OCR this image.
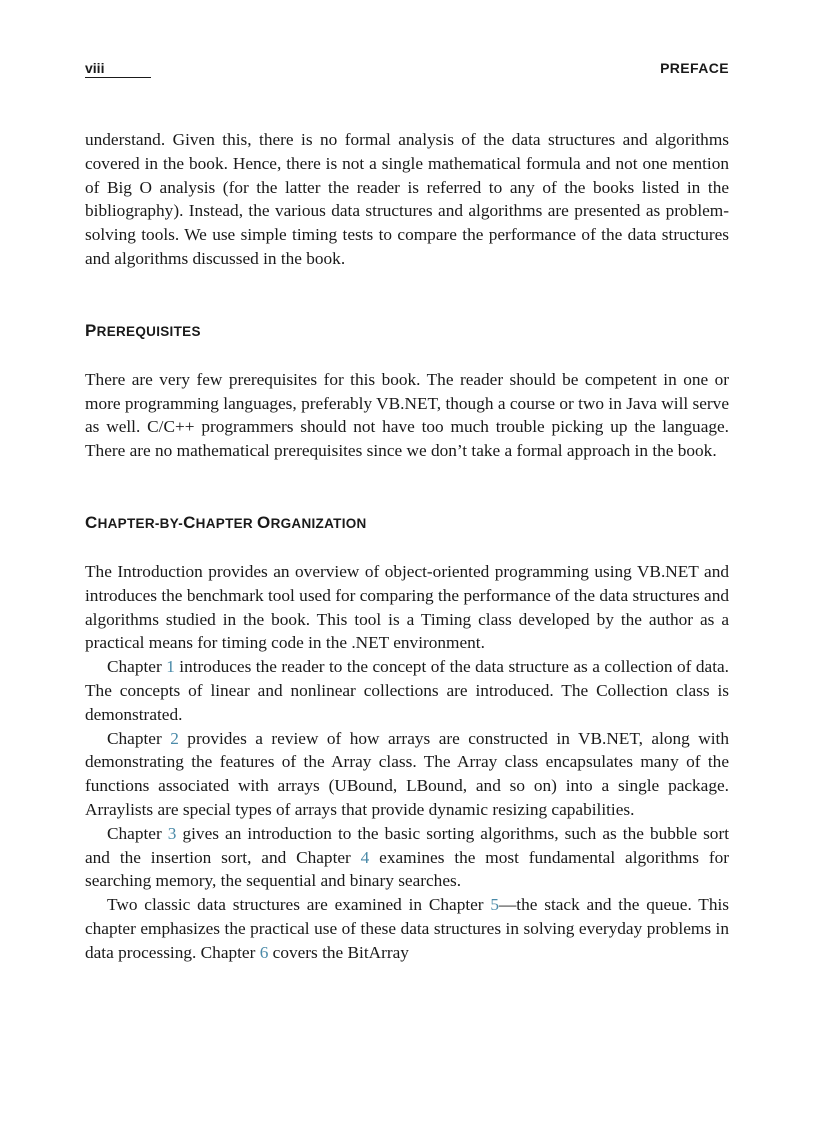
viii	PREFACE

understand. Given this, there is no formal analysis of the data structures and algorithms covered in the book. Hence, there is not a single mathematical formula and not one mention of Big O analysis (for the latter the reader is referred to any of the books listed in the bibliography). Instead, the various data structures and algorithms are presented as problem-solving tools. We use simple timing tests to compare the performance of the data structures and algorithms discussed in the book.

PREREQUISITES

There are very few prerequisites for this book. The reader should be competent in one or more programming languages, preferably VB.NET, though a course or two in Java will serve as well. C/C++ programmers should not have too much trouble picking up the language. There are no mathematical prerequisites since we don’t take a formal approach in the book.

CHAPTER-BY-CHAPTER ORGANIZATION

The Introduction provides an overview of object-oriented programming using VB.NET and introduces the benchmark tool used for comparing the performance of the data structures and algorithms studied in the book. This tool is a Timing class developed by the author as a practical means for timing code in the .NET environment.

Chapter 1 introduces the reader to the concept of the data structure as a collection of data. The concepts of linear and nonlinear collections are introduced. The Collection class is demonstrated.

Chapter 2 provides a review of how arrays are constructed in VB.NET, along with demonstrating the features of the Array class. The Array class encapsulates many of the functions associated with arrays (UBound, LBound, and so on) into a single package. Arraylists are special types of arrays that provide dynamic resizing capabilities.

Chapter 3 gives an introduction to the basic sorting algorithms, such as the bubble sort and the insertion sort, and Chapter 4 examines the most fundamental algorithms for searching memory, the sequential and binary searches.

Two classic data structures are examined in Chapter 5—the stack and the queue. This chapter emphasizes the practical use of these data structures in solving everyday problems in data processing. Chapter 6 covers the BitArray
